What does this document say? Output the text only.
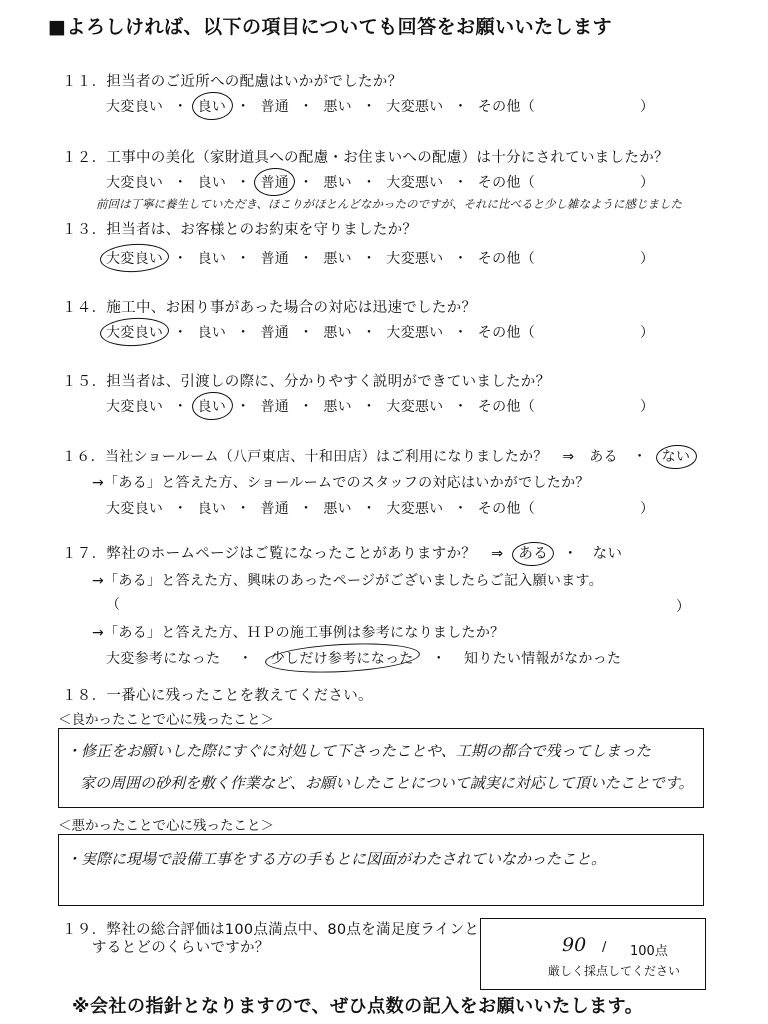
■よろしければ、以下の項目についても回答をお願いいたします
１１．担当者のご近所への配慮はいかがでしたか？
大変良い ・ 良い ・ 普通 ・ 悪い ・ 大変悪い ・ その他（	）
１２．工事中の美化（家財道具への配慮・お住まいへの配慮）は十分にされていましたか？
大変良い ・ 良い ・ 普通 ・ 悪い ・ 大変悪い ・ その他（	）
前回は丁寧に養生していただき、ほこりがほとんどなかったのですが、それに比べると少し雑なように感じました
１３．担当者は、お客様とのお約束を守りましたか？
大変良い ・ 良い ・ 普通 ・ 悪い ・ 大変悪い ・ その他（	）
１４．施工中、お困り事があった場合の対応は迅速でしたか？
大変良い ・ 良い ・ 普通 ・ 悪い ・ 大変悪い ・ その他（	）
１５．担当者は、引渡しの際に、分かりやすく説明ができていましたか？
大変良い ・ 良い ・ 普通 ・ 悪い ・ 大変悪い ・ その他（	）
１６．当社ショールーム（八戸東店、十和田店）はご利用になりましたか？ ⇒ ある ・ ない
→「ある」と答えた方、ショールームでのスタッフの対応はいかがでしたか？
大変良い ・ 良い ・ 普通 ・ 悪い ・ 大変悪い ・ その他（	）
１７．弊社のホームページはご覧になったことがありますか？ ⇒ ある ・ ない
→「ある」と答えた方、興味のあったページがございましたらご記入願います。
（	）
→「ある」と答えた方、ＨＰの施工事例は参考になりましたか？
大変参考になった ・ 少しだけ参考になった ・ 知りたい情報がなかった
１８．一番心に残ったことを教えてください。
＜良かったことで心に残ったこと＞
・修正をお願いした際にすぐに対処して下さったことや、工期の都合で残ってしまった
家の周囲の砂利を敷く作業など、お願いしたことについて誠実に対応して頂いたことです。
＜悪かったことで心に残ったこと＞
・実際に現場で設備工事をする方の手もとに図面がわたされていなかったこと。
１９．弊社の総合評価は100点満点中、80点を満足度ラインと
するとどのくらいですか？	90 / 100点
厳しく採点してください
※会社の指針となりますので、ぜひ点数の記入をお願いいたします。
